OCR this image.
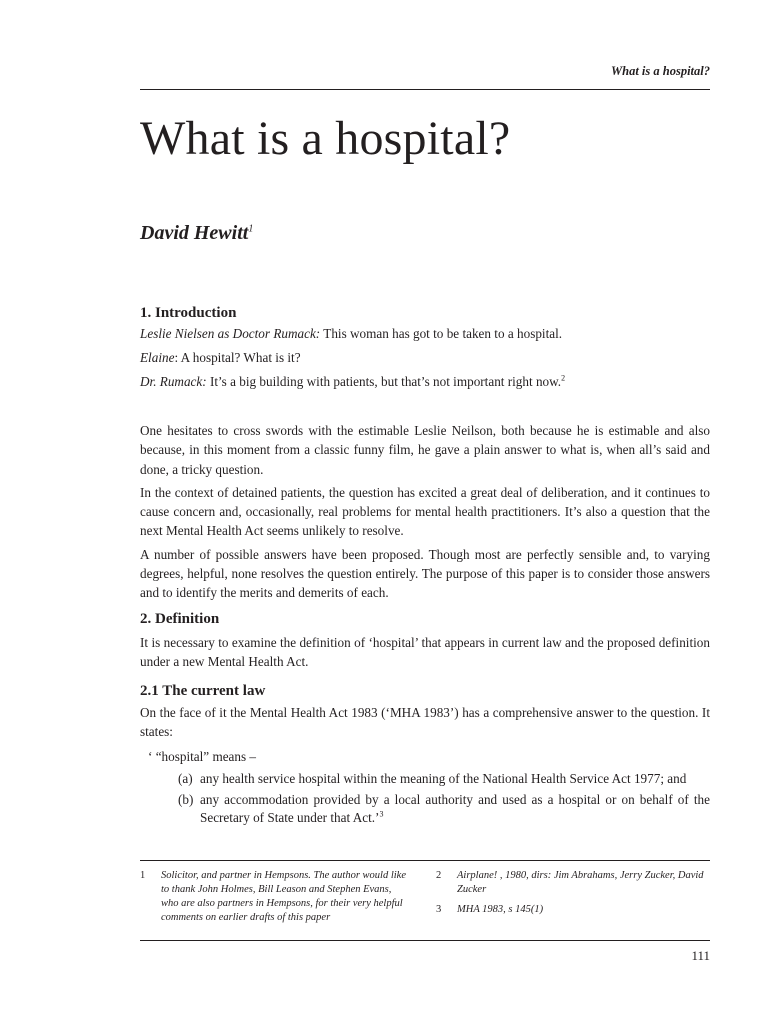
What is a hospital?
What is a hospital?
David Hewitt$^1$
1. Introduction

Leslie Nielsen as Doctor Rumack: This woman has got to be taken to a hospital.

Elaine: A hospital? What is it?

Dr. Rumack: It’s a big building with patients, but that’s not important right now.$^2$

One hesitates to cross swords with the estimable Leslie Neilson, both because he is estimable and also because, in this moment from a classic funny film, he gave a plain answer to what is, when all’s said and done, a tricky question.

In the context of detained patients, the question has excited a great deal of deliberation, and it continues to cause concern and, occasionally, real problems for mental health practitioners. It’s also a question that the next Mental Health Act seems unlikely to resolve.

A number of possible answers have been proposed. Though most are perfectly sensible and, to varying degrees, helpful, none resolves the question entirely. The purpose of this paper is to consider those answers and to identify the merits and demerits of each.

2. Definition

It is necessary to examine the definition of ‘hospital’ that appears in current law and the proposed definition under a new Mental Health Act.

2.1 The current law

On the face of it the Mental Health Act 1983 (‘MHA 1983’) has a comprehensive answer to the question. It states:

‘ “hospital” means –
(a) any health service hospital within the meaning of the National Health Service Act 1977; and
(b) any accommodation provided by a local authority and used as a hospital or on behalf of the Secretary of State under that Act.’$^3$
1	Solicitor, and partner in Hempsons. The author would like to thank John Holmes, Bill Leason and Stephen Evans, who are also partners in Hempsons, for their very helpful comments on earlier drafts of this paper
2	Airplane! , 1980, dirs: Jim Abrahams, Jerry Zucker, David Zucker
3	MHA 1983, s 145(1)
111
